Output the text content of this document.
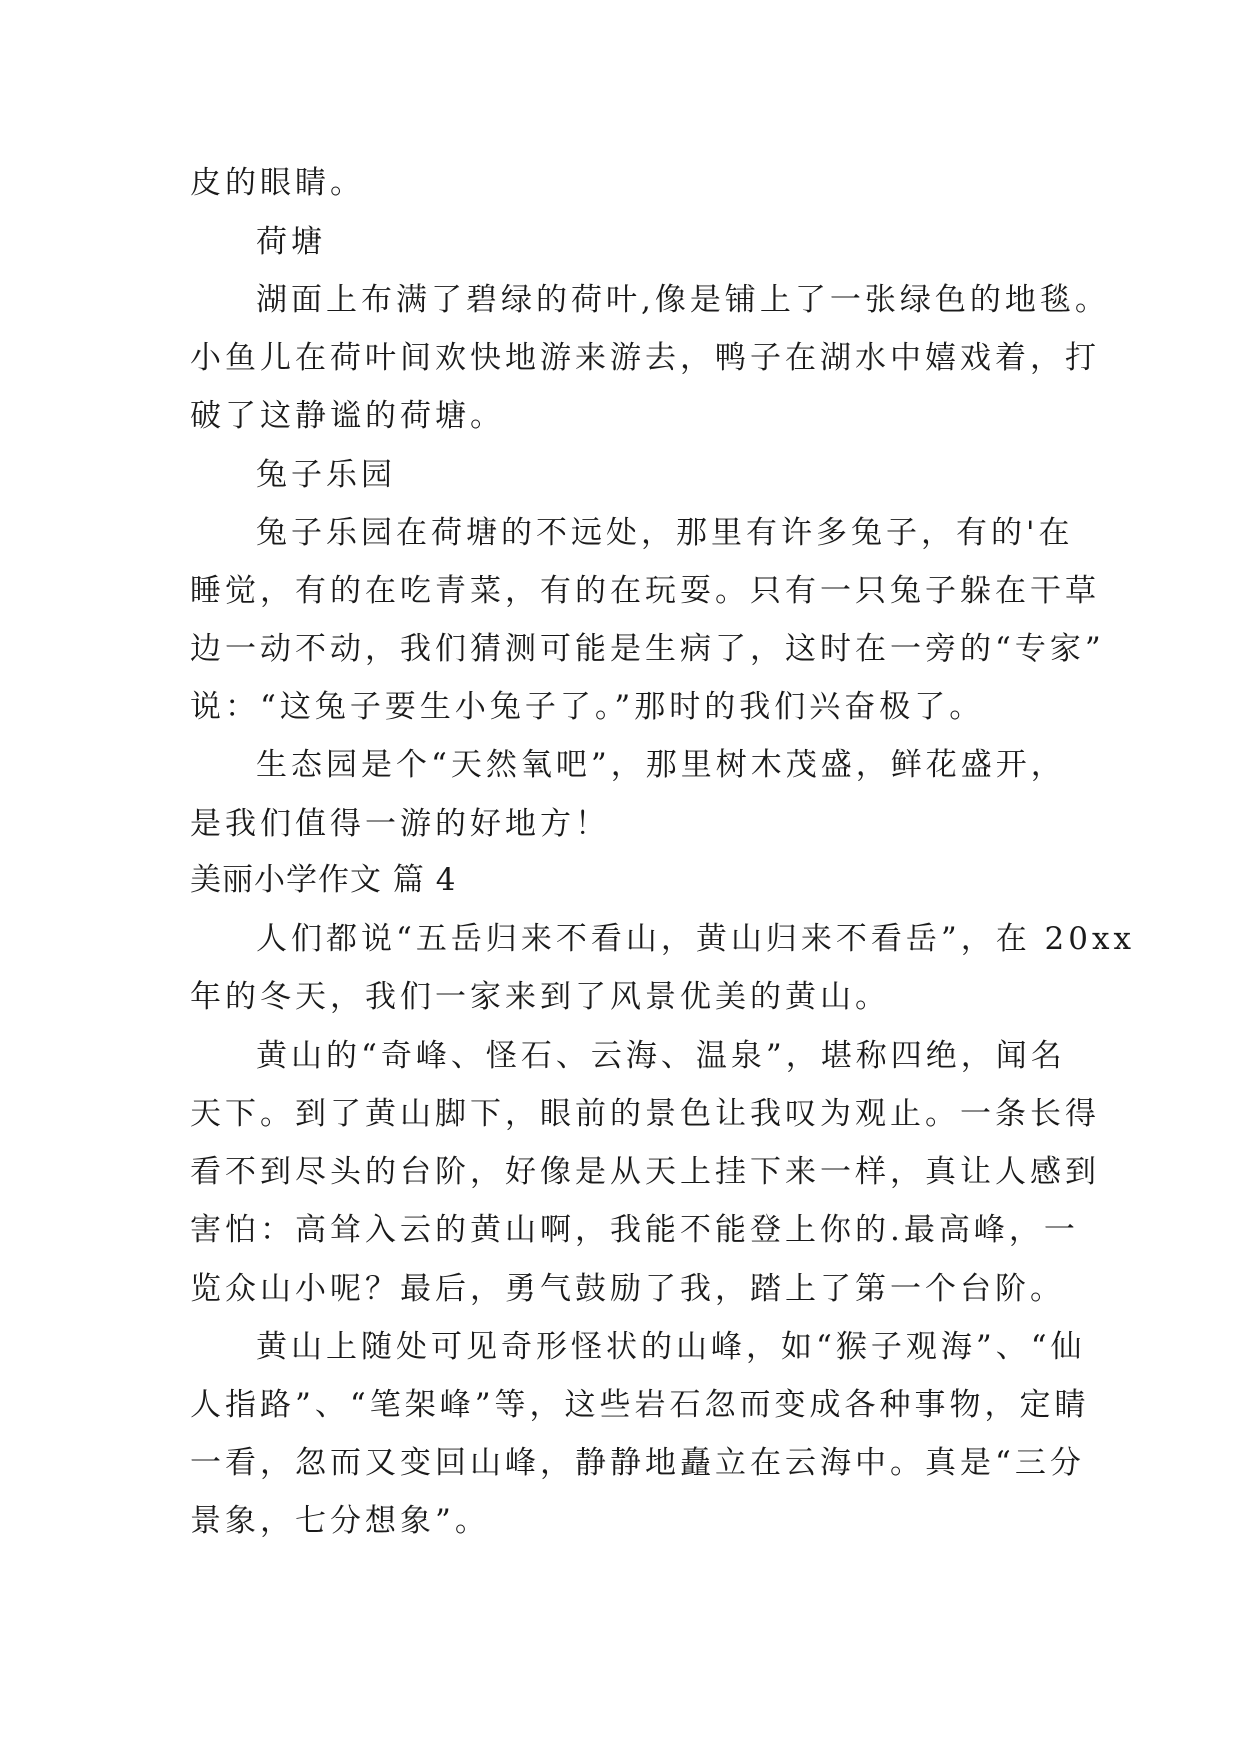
皮的眼睛。
荷塘
湖面上布满了碧绿的荷叶,像是铺上了一张绿色的地毯。
小鱼儿在荷叶间欢快地游来游去，鸭子在湖水中嬉戏着，打
破了这静谧的荷塘。
兔子乐园
兔子乐园在荷塘的不远处，那里有许多兔子，有的'在
睡觉，有的在吃青菜，有的在玩耍。只有一只兔子躲在干草
边一动不动，我们猜测可能是生病了，这时在一旁的“专家”
说：“这兔子要生小兔子了。”那时的我们兴奋极了。
生态园是个“天然氧吧”，那里树木茂盛，鲜花盛开，
是我们值得一游的好地方！
美丽小学作文 篇 4
人们都说“五岳归来不看山，黄山归来不看岳”，在 20xx
年的冬天，我们一家来到了风景优美的黄山。
黄山的“奇峰、怪石、云海、温泉”，堪称四绝，闻名
天下。到了黄山脚下，眼前的景色让我叹为观止。一条长得
看不到尽头的台阶，好像是从天上挂下来一样，真让人感到
害怕：高耸入云的黄山啊，我能不能登上你的.最高峰，一
览众山小呢？最后，勇气鼓励了我，踏上了第一个台阶。
黄山上随处可见奇形怪状的山峰，如“猴子观海”、“仙
人指路”、“笔架峰”等，这些岩石忽而变成各种事物，定睛
一看，忽而又变回山峰，静静地矗立在云海中。真是“三分
景象，七分想象”。
